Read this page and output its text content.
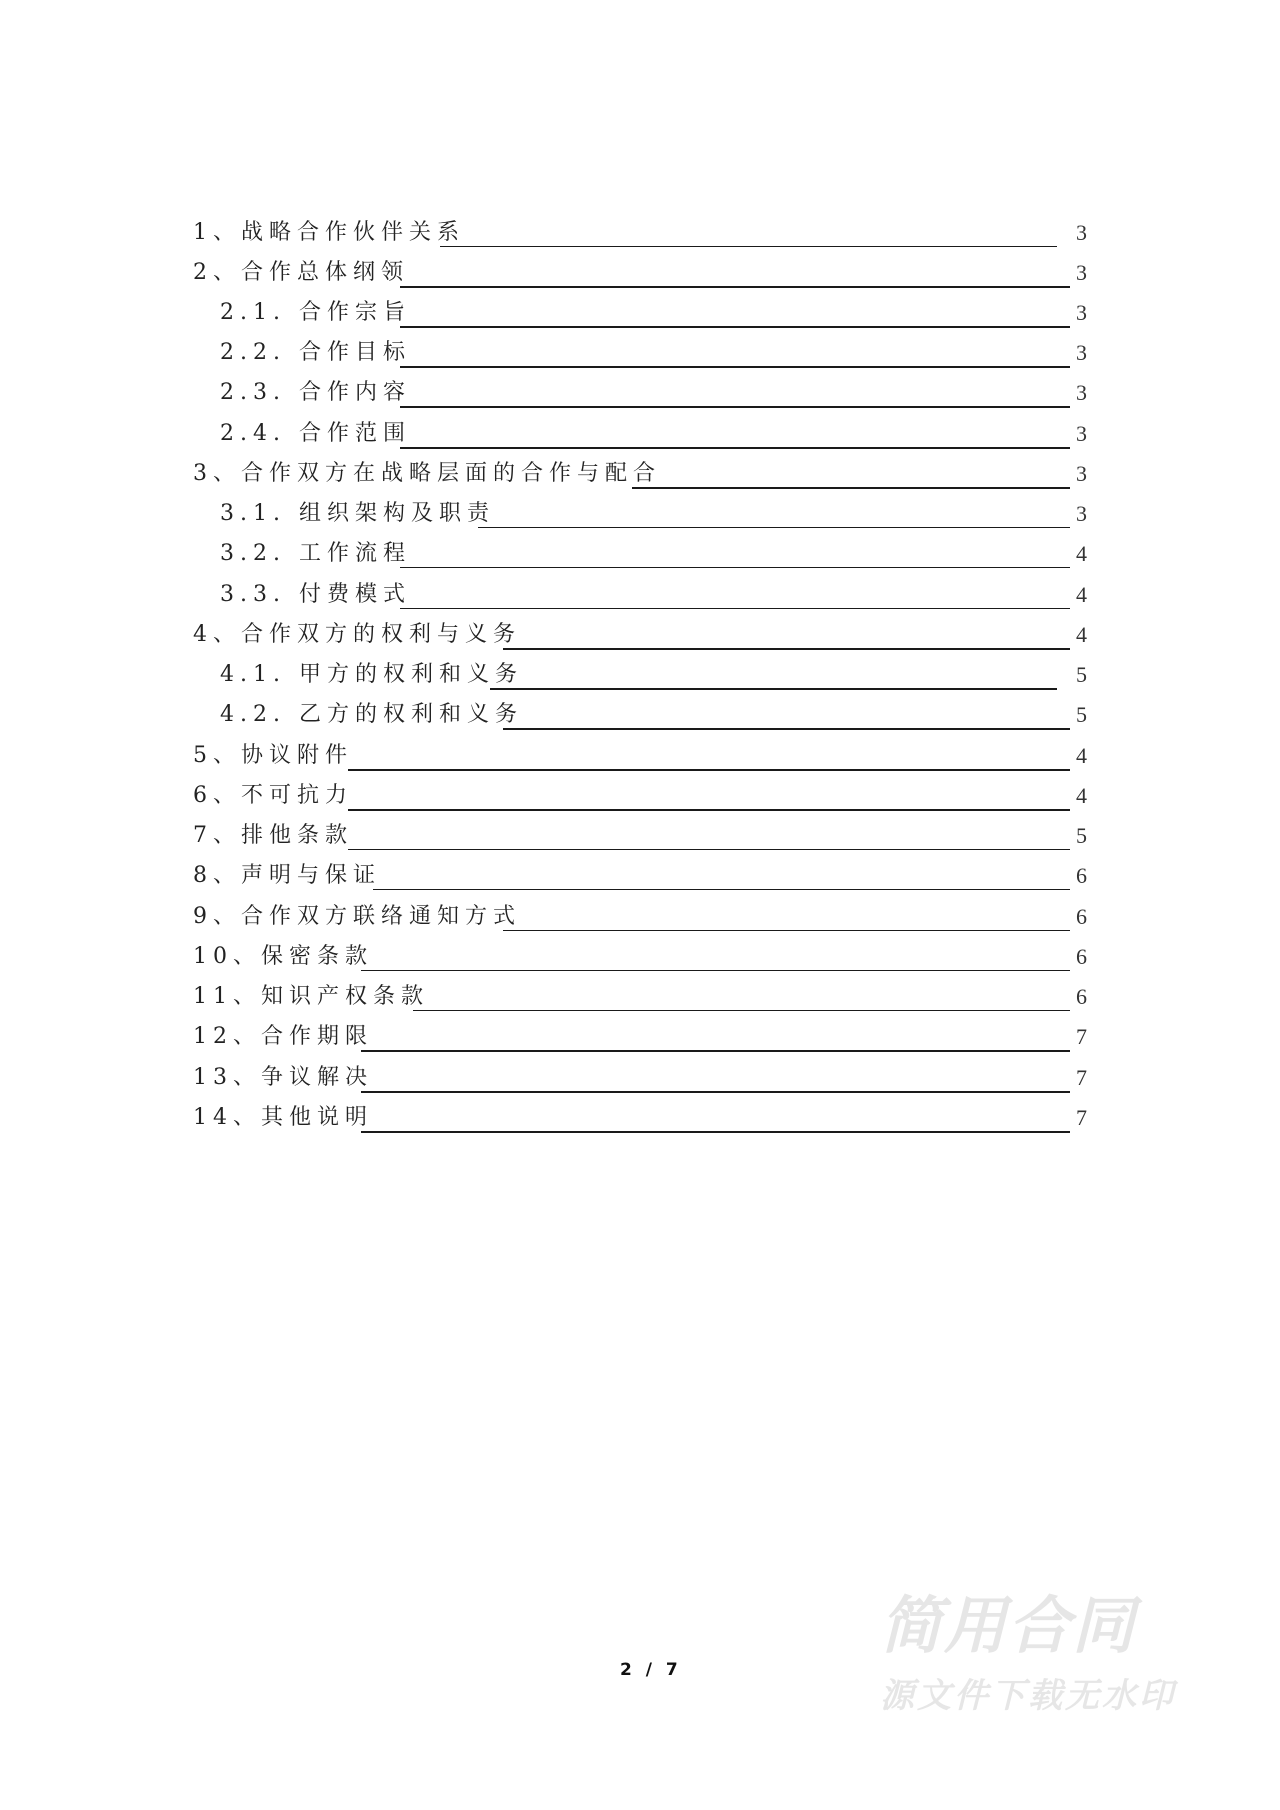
1、战略合作伙伴关系	3
2、合作总体纲领	3
2.1. 合作宗旨	3
2.2. 合作目标	3
2.3. 合作内容	3
2.4. 合作范围	3
3、合作双方在战略层面的合作与配合	3
3.1. 组织架构及职责	3
3.2. 工作流程	4
3.3. 付费模式	4
4、合作双方的权利与义务	4
4.1. 甲方的权利和义务	5
4.2. 乙方的权利和义务	5
5、协议附件	4
6、不可抗力	4
7、排他条款	5
8、声明与保证	6
9、合作双方联络通知方式	6
10、保密条款	6
11、知识产权条款	6
12、合作期限	7
13、争议解决	7
14、其他说明	7
2 / 7
简用合同
源文件下载无水印
